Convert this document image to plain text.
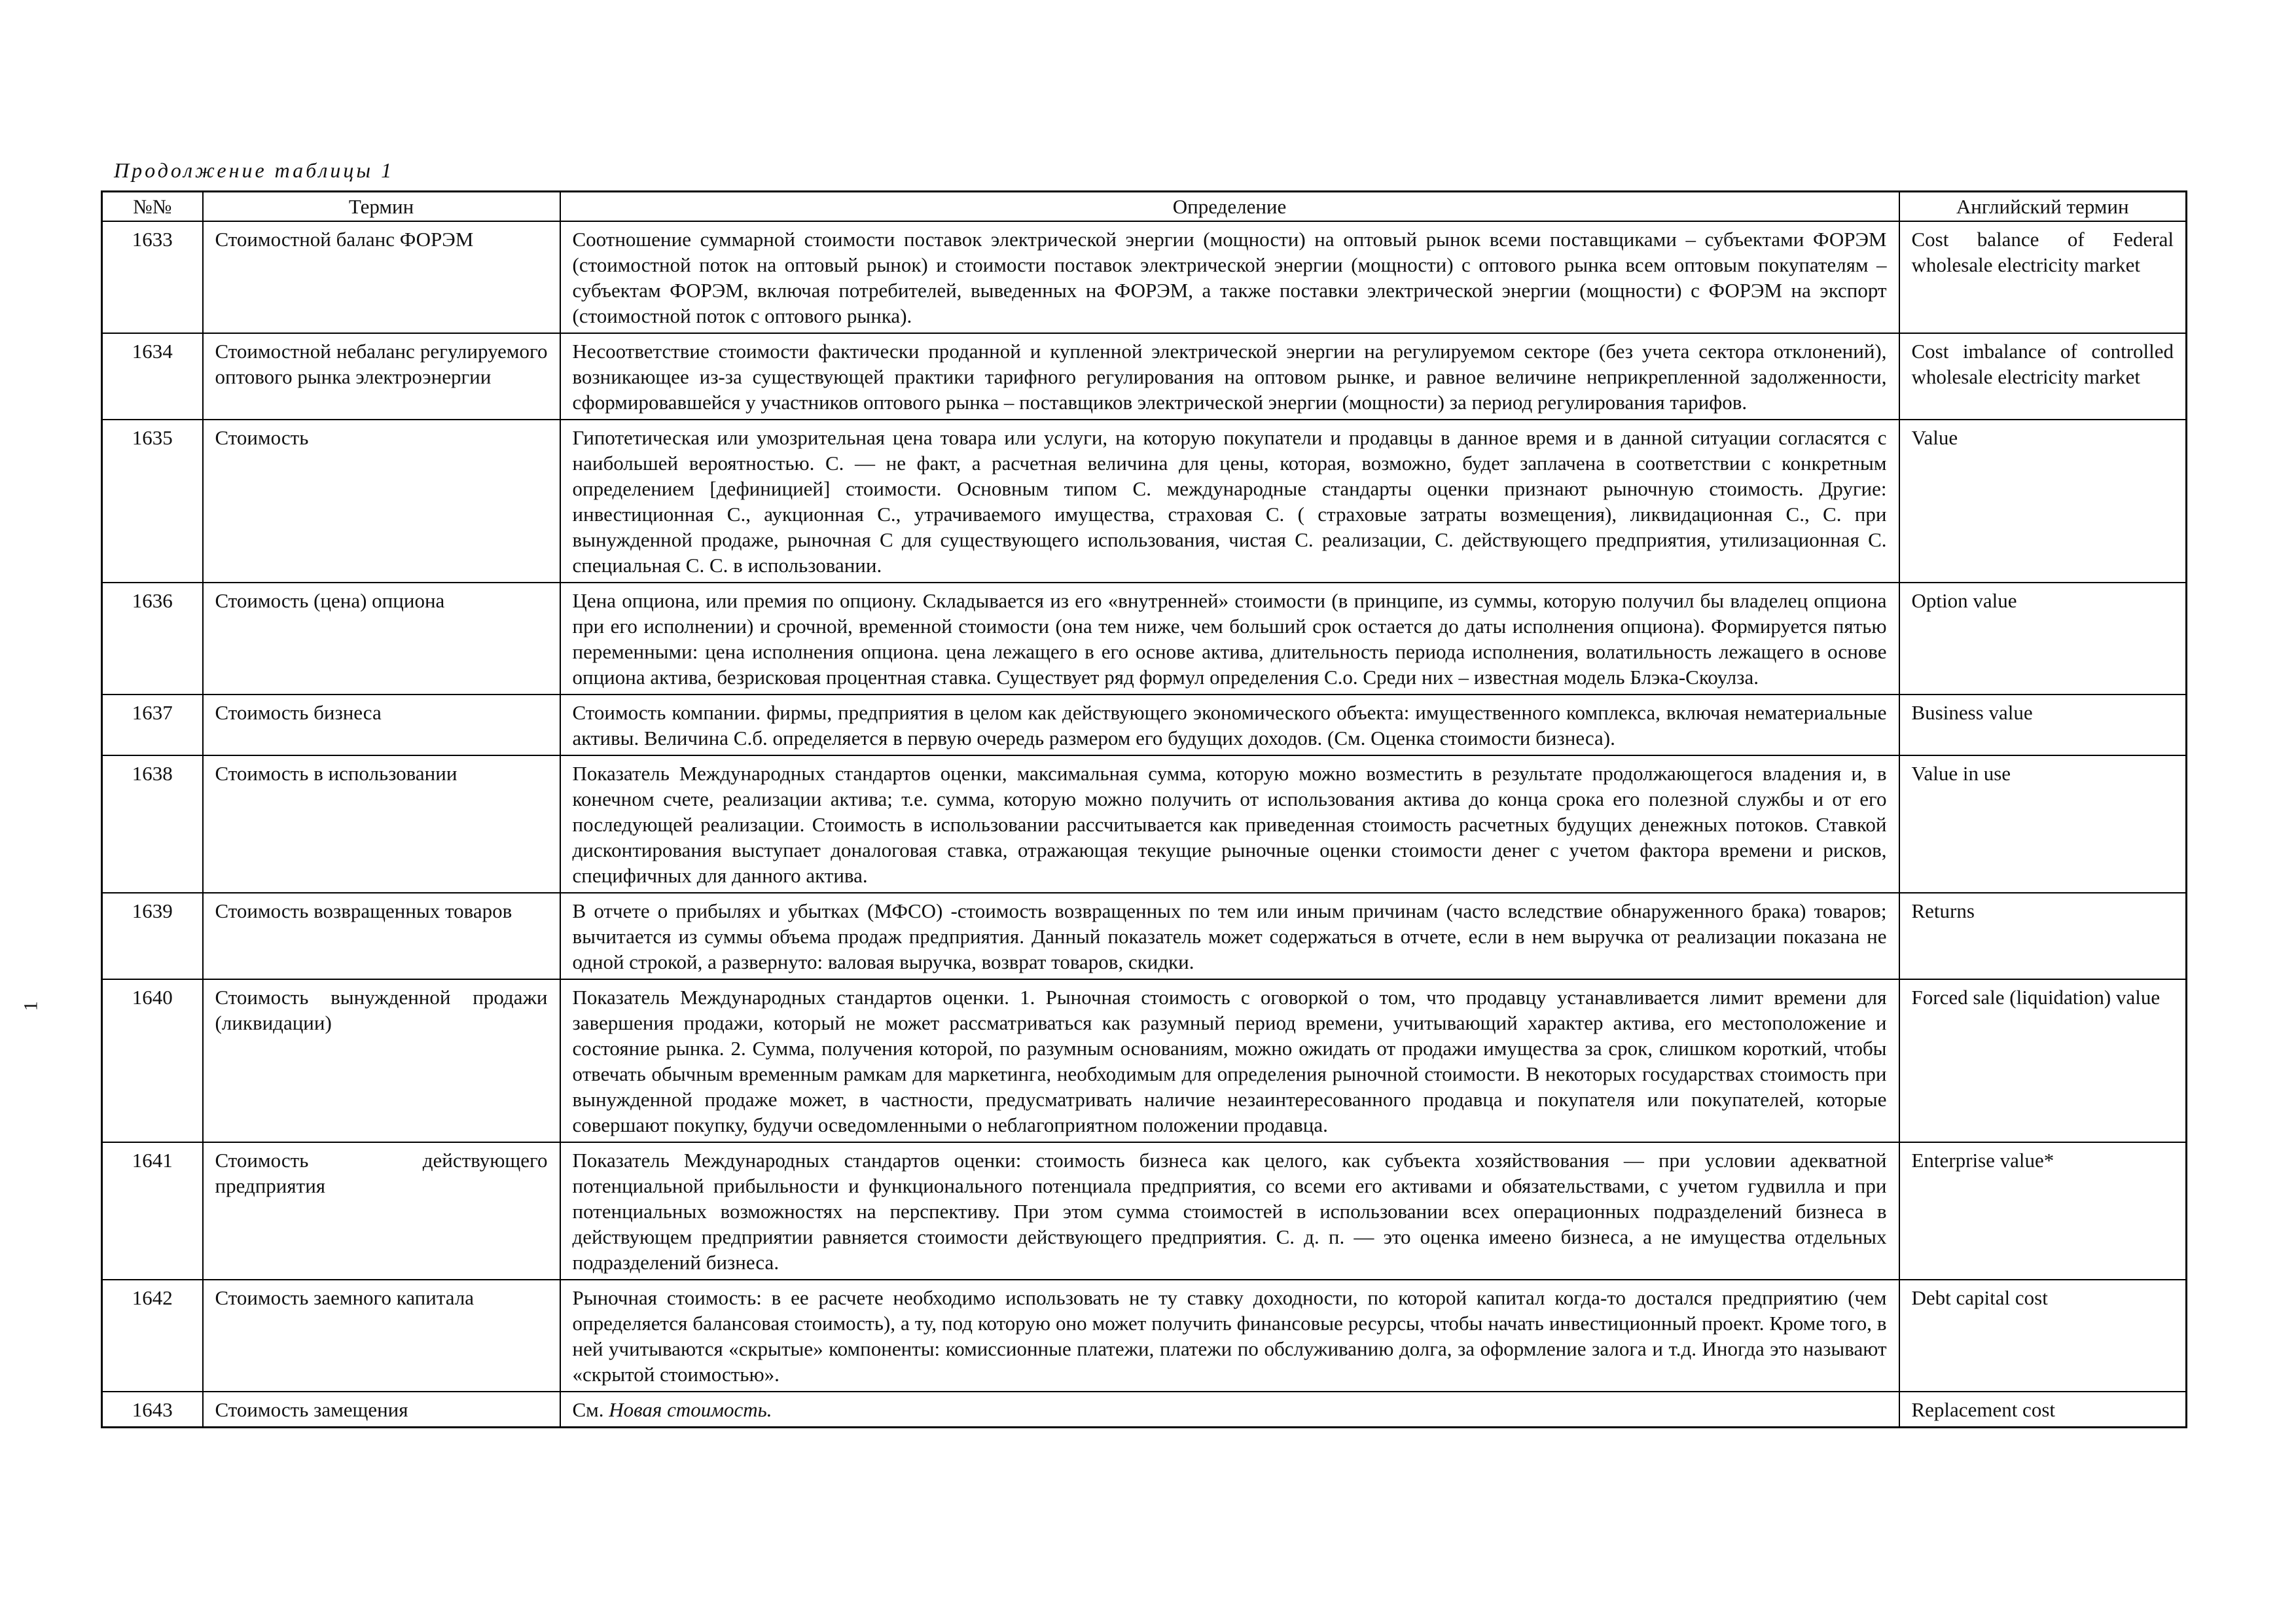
Продолжение таблицы 1
1
№№	Термин	Определение	Английский термин
1633	Стоимостной баланс ФОРЭМ	Соотношение суммарной стоимости поставок электрической энергии (мощности) на оптовый рынок всеми поставщиками – субъектами ФОРЭМ (стоимостной поток на оптовый рынок) и стоимости поставок электрической энергии (мощности) с оптового рынка всем оптовым покупателям – субъектам ФОРЭМ, включая потребителей, выведенных на ФОРЭМ, а также поставки электрической энергии (мощности) с ФОРЭМ на экспорт (стоимостной поток с оптового рынка).	Cost balance of Federal wholesale electricity market
1634	Стоимостной небаланс регулируемого оптового рынка электроэнергии	Несоответствие стоимости фактически проданной и купленной электрической энергии на регулируемом секторе (без учета сектора отклонений), возникающее из-за существующей практики тарифного регулирования на оптовом рынке, и равное величине неприкрепленной задолженности, сформировавшейся у участников оптового рынка – поставщиков электрической энергии (мощности) за период регулирования тарифов.	Cost imbalance of controlled wholesale electricity market
1635	Стоимость	Гипотетическая или умозрительная цена товара или услуги, на которую покупатели и продавцы в данное время и в данной ситуации согласятся с наибольшей вероятностью. С. — не факт, а расчетная величина для цены, которая, возможно, будет заплачена в соответствии с конкретным определением [дефиницией] стоимости. Основным типом С. международные стандарты оценки признают рыночную стоимость. Другие: инвестиционная С., аукционная С., утрачиваемого имущества, страховая С. ( страховые затраты возмещения), ликвидационная С., С. при вынужденной продаже, рыночная С для существующего использования, чистая С. реализации, С. действующего предприятия, утилизационная С. специальная С. С. в использовании.	Value
1636	Стоимость (цена) опциона	Цена опциона, или премия по опциону. Складывается из его «внутренней» стоимости (в принципе, из суммы, которую получил бы владелец опциона при его исполнении) и срочной, временной стоимости (она тем ниже, чем больший срок остается до даты исполнения опциона). Формируется пятью переменными: цена исполнения опциона. цена лежащего в его основе актива, длительность периода исполнения, волатильность лежащего в основе опциона актива, безрисковая процентная ставка. Существует ряд формул определения С.о. Среди них – известная модель Блэка-Скоулза.	Option value
1637	Стоимость бизнеса	Стоимость компании. фирмы, предприятия в целом как действующего экономического объекта: имущественного комплекса, включая нематериальные активы. Величина С.б. определяется в первую очередь размером его будущих доходов. (См. Оценка стоимости бизнеса).	Business value
1638	Стоимость в использовании	Показатель Международных стандартов оценки, максимальная сумма, которую можно возместить в результате продолжающегося владения и, в конечном счете, реализации актива; т.е. сумма, которую можно получить от использования актива до конца срока его полезной службы и от его последующей реализации. Стоимость в использовании рассчитывается как приведенная стоимость расчетных будущих денежных потоков. Ставкой дисконтирования выступает доналоговая ставка, отражающая текущие рыночные оценки стоимости денег с учетом фактора времени и рисков, специфичных для данного актива.	Value in use
1639	Стоимость возвращенных товаров	В отчете о прибылях и убытках (МФСО) -стоимость возвращенных по тем или иным причинам (часто вследствие обнаруженного брака) товаров; вычитается из суммы объема продаж предприятия. Данный показатель может содержаться в отчете, если в нем выручка от реализации показана не одной строкой, а развернуто: валовая выручка, возврат товаров, скидки.	Returns
1640	Стоимость вынужденной продажи (ликвидации)	Показатель Международных стандартов оценки. 1. Рыночная стоимость с оговоркой о том, что продавцу устанавливается лимит времени для завершения продажи, который не может рассматриваться как разумный период времени, учитывающий характер актива, его местоположение и состояние рынка. 2. Сумма, получения которой, по разумным основаниям, можно ожидать от продажи имущества за срок, слишком короткий, чтобы отвечать обычным временным рамкам для маркетинга, необходимым для определения рыночной стоимости. В некоторых государствах стоимость при вынужденной продаже может, в частности, предусматривать наличие незаинтересованного продавца и покупателя или покупателей, которые совершают покупку, будучи осведомленными о неблагоприятном положении продавца.	Forced sale (liquidation) value
1641	Стоимость действующего предприятия	Показатель Международных стандартов оценки: стоимость бизнеса как целого, как субъекта хозяйствования — при условии адекватной потенциальной прибыльности и функционального потенциала предприятия, со всеми его активами и обязательствами, с учетом гудвилла и при потенциальных возможностях на перспективу. При этом сумма стоимостей в использовании всех операционных подразделений бизнеса в действующем предприятии равняется стоимости действующего предприятия. С. д. п. — это оценка имеено бизнеса, а не имущества отдельных подразделений бизнеса.	Enterprise value*
1642	Стоимость заемного капитала	Рыночная стоимость: в ее расчете необходимо использовать не ту ставку доходности, по которой капитал когда-то достался предприятию (чем определяется балансовая стоимость), а ту, под которую оно может получить финансовые ресурсы, чтобы начать инвестиционный проект. Кроме того, в ней учитываются «скрытые» компоненты: комиссионные платежи, платежи по обслуживанию долга, за оформление залога и т.д. Иногда это называют «скрытой стоимостью».	Debt capital cost
1643	Стоимость замещения	См. Новая стоимость.	Replacement cost
